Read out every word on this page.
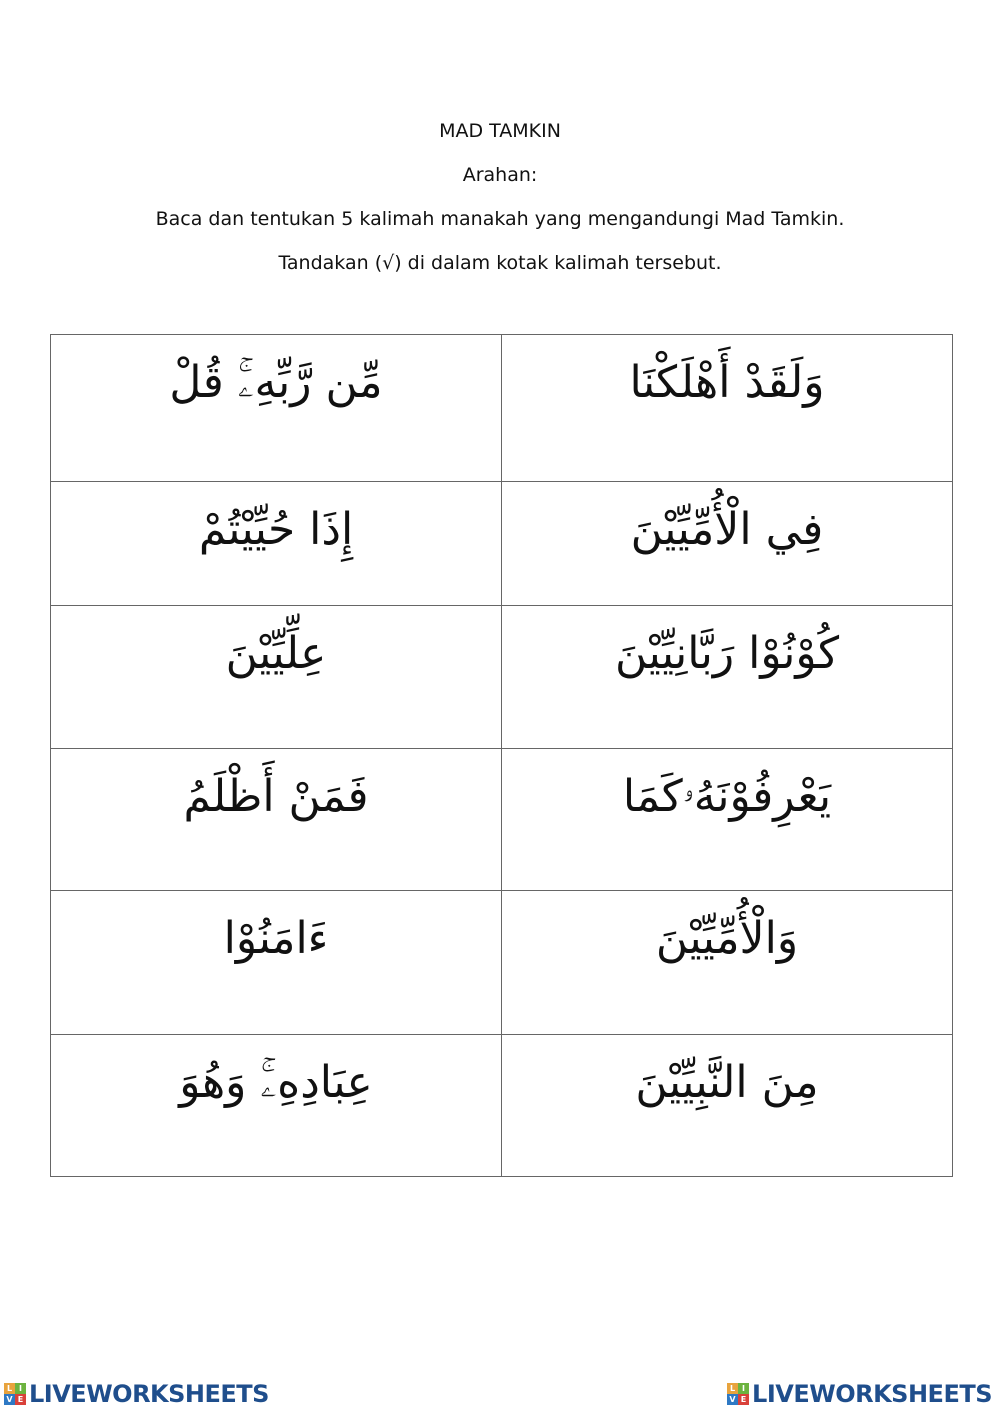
MAD TAMKIN
Arahan:
Baca dan tentukan 5 kalimah manakah yang mengandungi Mad Tamkin.
Tandakan (√) di dalam kotak kalimah tersebut.
مِّن رَّبِّهِۦۚ قُلْ	وَلَقَدْ أَهْلَكْنَا
إِذَا حُيِّيْتُمْ	فِي الْأُمِّيِّيْنَ
عِلِّيِّيْنَ	كُوْنُوْا رَبَّانِيِّيْنَ
فَمَنْ أَظْلَمُ	يَعْرِفُوْنَهُۥكَمَا
ءَامَنُوْا	وَالْأُمِّيِّيْنَ
عِبَادِهِۦۚ وَهُوَ	مِنَ النَّبِيِّيْنَ
L I
V E LIVEWORKSHEETS	L I
V E LIVEWORKSHEETS
